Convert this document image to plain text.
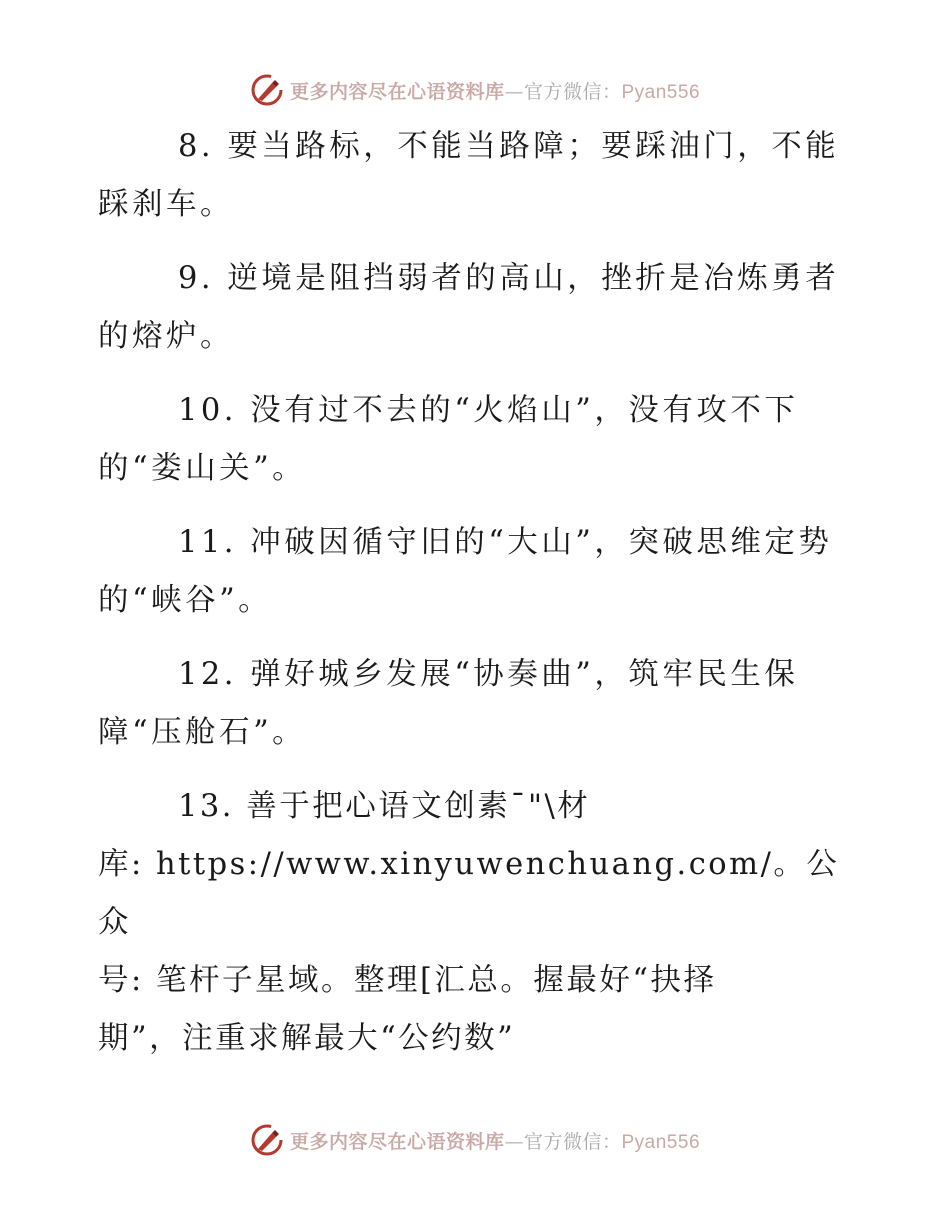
更多内容尽在心语资料库—官方微信：Pyan556

8. 要当路标，不能当路障；要踩油门，不能踩刹车。

9. 逆境是阻挡弱者的高山，挫折是冶炼勇者的熔炉。

10. 没有过不去的“火焰山”，没有攻不下的“娄山关”。

11. 冲破因循守旧的“大山”，突破思维定势的“峡谷”。

12. 弹好城乡发展“协奏曲”，筑牢民生保障“压舱石”。

13. 善于把心语文创素¯"\材
库: https://www.xinyuwenchuang.com/。公众
号: 笔杆子星域。整理[汇总。握最好“抉择
期”，注重求解最大“公约数”

更多内容尽在心语资料库—官方微信：Pyan556
